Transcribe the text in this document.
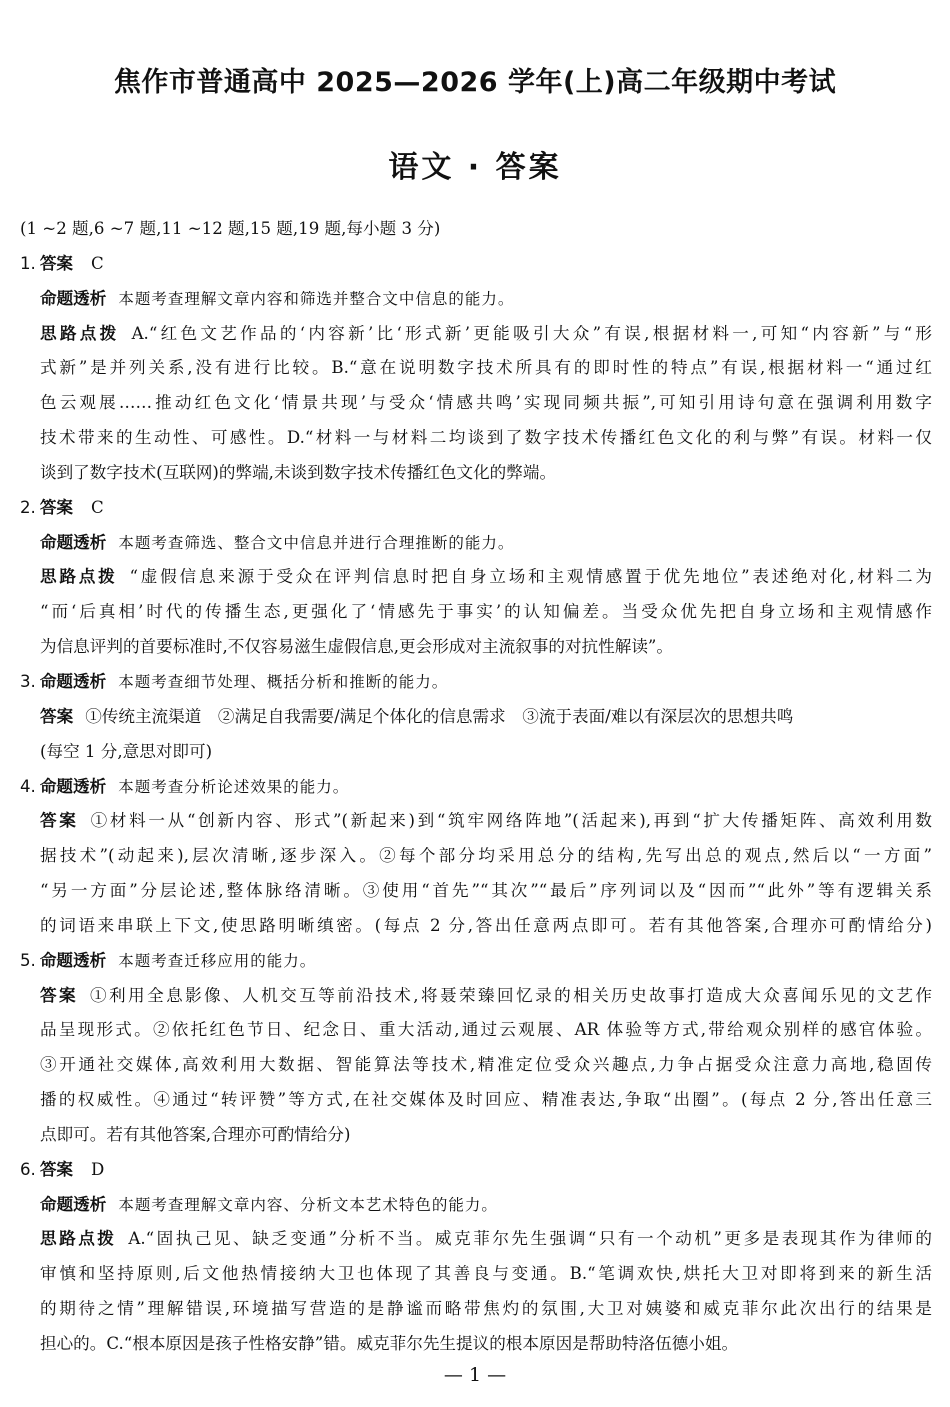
焦作市普通高中 2025—2026 学年(上)高二年级期中考试
语文 · 答案
(1 ~2 题,6 ~7 题,11 ~12 题,15 题,19 题,每小题 3 分)
1. 答案 C
命题透析 本题考查理解文章内容和筛选并整合文中信息的能力。
思路点拨 A.“红色文艺作品的‘内容新’比‘形式新’更能吸引大众”有误,根据材料一,可知“内容新”与“形
式新”是并列关系,没有进行比较。B.“意在说明数字技术所具有的即时性的特点”有误,根据材料一“通过红
色云观展……推动红色文化‘情景共现’与受众‘情感共鸣’实现同频共振”,可知引用诗句意在强调利用数字
技术带来的生动性、可感性。D.“材料一与材料二均谈到了数字技术传播红色文化的利与弊”有误。材料一仅
谈到了数字技术(互联网)的弊端,未谈到数字技术传播红色文化的弊端。
2. 答案 C
命题透析 本题考查筛选、整合文中信息并进行合理推断的能力。
思路点拨 “虚假信息来源于受众在评判信息时把自身立场和主观情感置于优先地位”表述绝对化,材料二为
“而‘后真相’时代的传播生态,更强化了‘情感先于事实’的认知偏差。当受众优先把自身立场和主观情感作
为信息评判的首要标准时,不仅容易滋生虚假信息,更会形成对主流叙事的对抗性解读”。
3. 命题透析 本题考查细节处理、概括分析和推断的能力。
答案 ①传统主流渠道　②满足自我需要/满足个体化的信息需求　③流于表面/难以有深层次的思想共鸣
(每空 1 分,意思对即可)
4. 命题透析 本题考查分析论述效果的能力。
答案 ①材料一从“创新内容、形式”(新起来)到“筑牢网络阵地”(活起来),再到“扩大传播矩阵、高效利用数
据技术”(动起来),层次清晰,逐步深入。②每个部分均采用总分的结构,先写出总的观点,然后以“一方面”
“另一方面”分层论述,整体脉络清晰。③使用“首先”“其次”“最后”序列词以及“因而”“此外”等有逻辑关系
的词语来串联上下文,使思路明晰缜密。(每点 2 分,答出任意两点即可。若有其他答案,合理亦可酌情给分)
5. 命题透析 本题考查迁移应用的能力。
答案 ①利用全息影像、人机交互等前沿技术,将聂荣臻回忆录的相关历史故事打造成大众喜闻乐见的文艺作
品呈现形式。②依托红色节日、纪念日、重大活动,通过云观展、AR 体验等方式,带给观众别样的感官体验。
③开通社交媒体,高效利用大数据、智能算法等技术,精准定位受众兴趣点,力争占据受众注意力高地,稳固传
播的权威性。④通过“转评赞”等方式,在社交媒体及时回应、精准表达,争取“出圈”。(每点 2 分,答出任意三
点即可。若有其他答案,合理亦可酌情给分)
6. 答案 D
命题透析 本题考查理解文章内容、分析文本艺术特色的能力。
思路点拨 A.“固执己见、缺乏变通”分析不当。威克菲尔先生强调“只有一个动机”更多是表现其作为律师的
审慎和坚持原则,后文他热情接纳大卫也体现了其善良与变通。B.“笔调欢快,烘托大卫对即将到来的新生活
的期待之情”理解错误,环境描写营造的是静谧而略带焦灼的氛围,大卫对姨婆和威克菲尔此次出行的结果是
担心的。C.“根本原因是孩子性格安静”错。威克菲尔先生提议的根本原因是帮助特洛伍德小姐。
— 1 —
